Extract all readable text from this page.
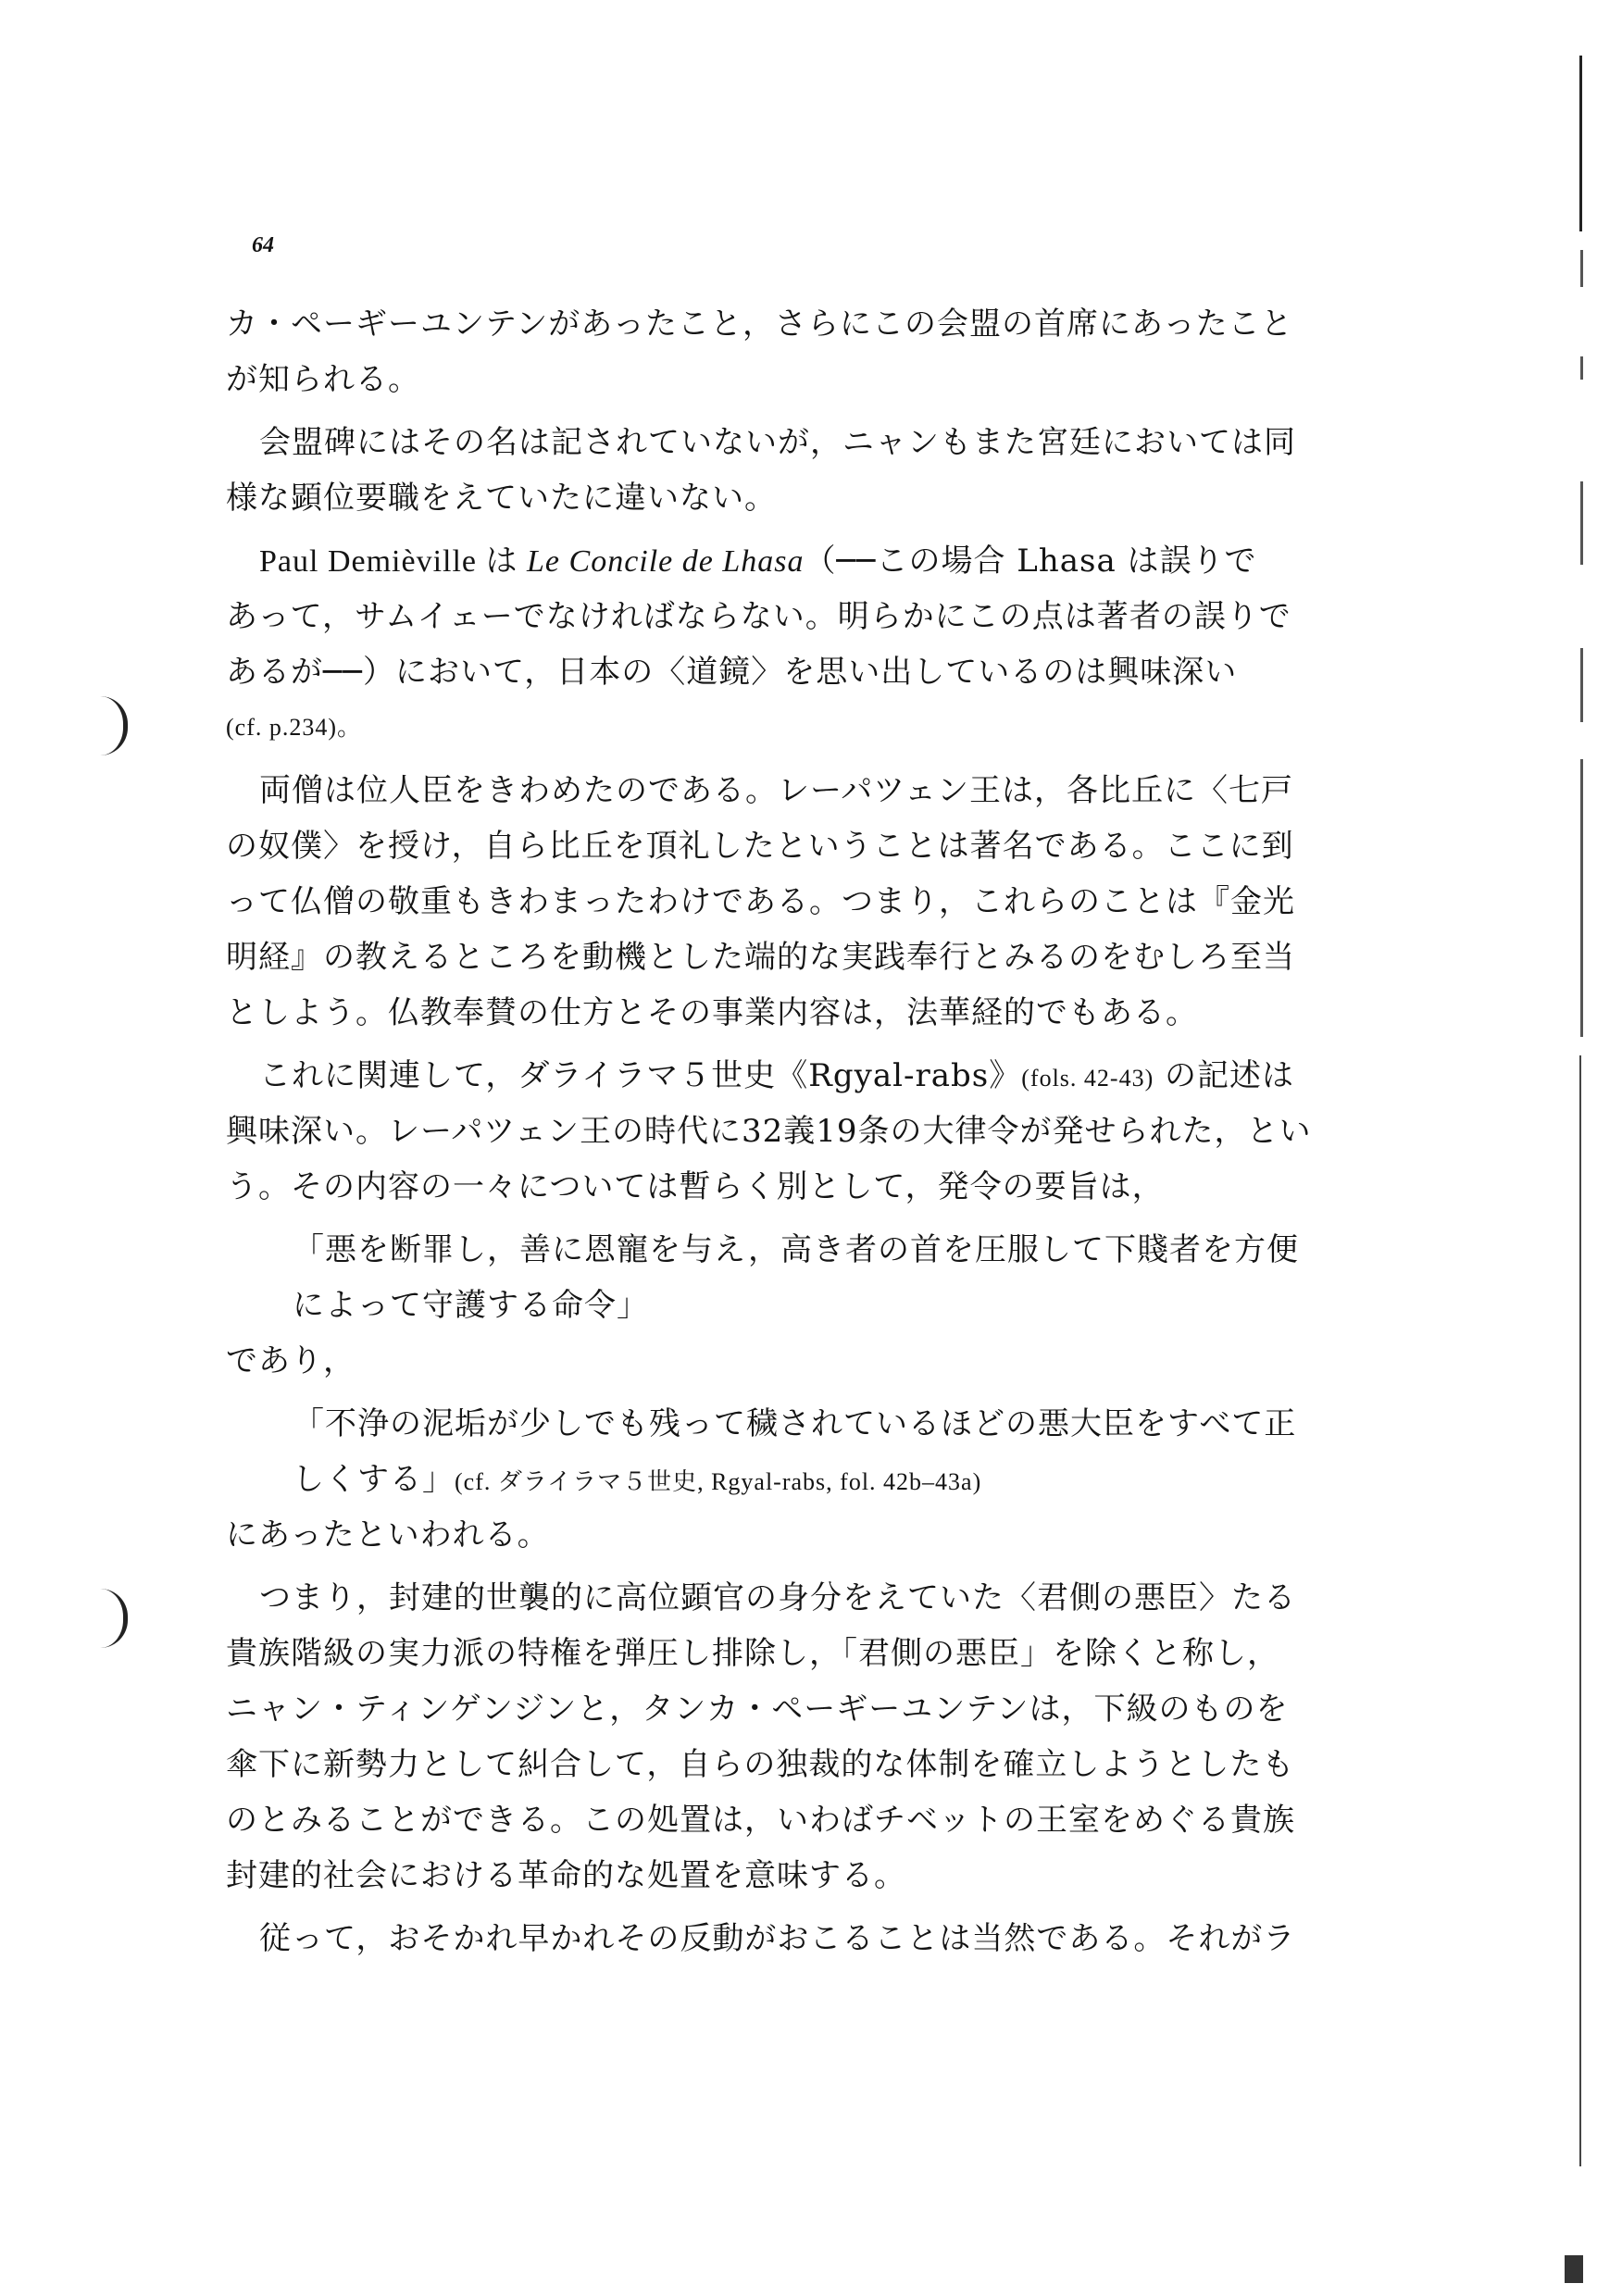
64
カ・ペーギーユンテンがあったこと，さらにこの会盟の首席にあったこと
が知られる。
会盟碑にはその名は記されていないが，ニャンもまた宮廷においては同
様な顕位要職をえていたに違いない。
Paul Demièville は Le Concile de Lhasa（──この場合 Lhasa は誤りで
あって，サムイェーでなければならない。明らかにこの点は著者の誤りで
あるが──）において，日本の〈道鏡〉を思い出しているのは興味深い
(cf. p.234)。
両僧は位人臣をきわめたのである。レーパツェン王は，各比丘に〈七戸
の奴僕〉を授け，自ら比丘を頂礼したということは著名である。ここに到
って仏僧の敬重もきわまったわけである。つまり，これらのことは『金光
明経』の教えるところを動機とした端的な実践奉行とみるのをむしろ至当
としよう。仏教奉賛の仕方とその事業内容は，法華経的でもある。
これに関連して，ダライラマ５世史《Rgyal-rabs》(fols. 42-43) の記述は
興味深い。レーパツェン王の時代に32義19条の大律令が発せられた，とい
う。その内容の一々については暫らく別として，発令の要旨は，
「悪を断罪し，善に恩寵を与え，高き者の首を圧服して下賤者を方便
によって守護する命令」
であり，
「不浄の泥垢が少しでも残って穢されているほどの悪大臣をすべて正
しくする」(cf. ダライラマ５世史, Rgyal-rabs, fol. 42b–43a)
にあったといわれる。
つまり，封建的世襲的に高位顕官の身分をえていた〈君側の悪臣〉たる
貴族階級の実力派の特権を弾圧し排除し，「君側の悪臣」を除くと称し，
ニャン・ティンゲンジンと，タンカ・ペーギーユンテンは，下級のものを
傘下に新勢力として糾合して，自らの独裁的な体制を確立しようとしたも
のとみることができる。この処置は，いわばチベットの王室をめぐる貴族
封建的社会における革命的な処置を意味する。
従って，おそかれ早かれその反動がおこることは当然である。それがラ
